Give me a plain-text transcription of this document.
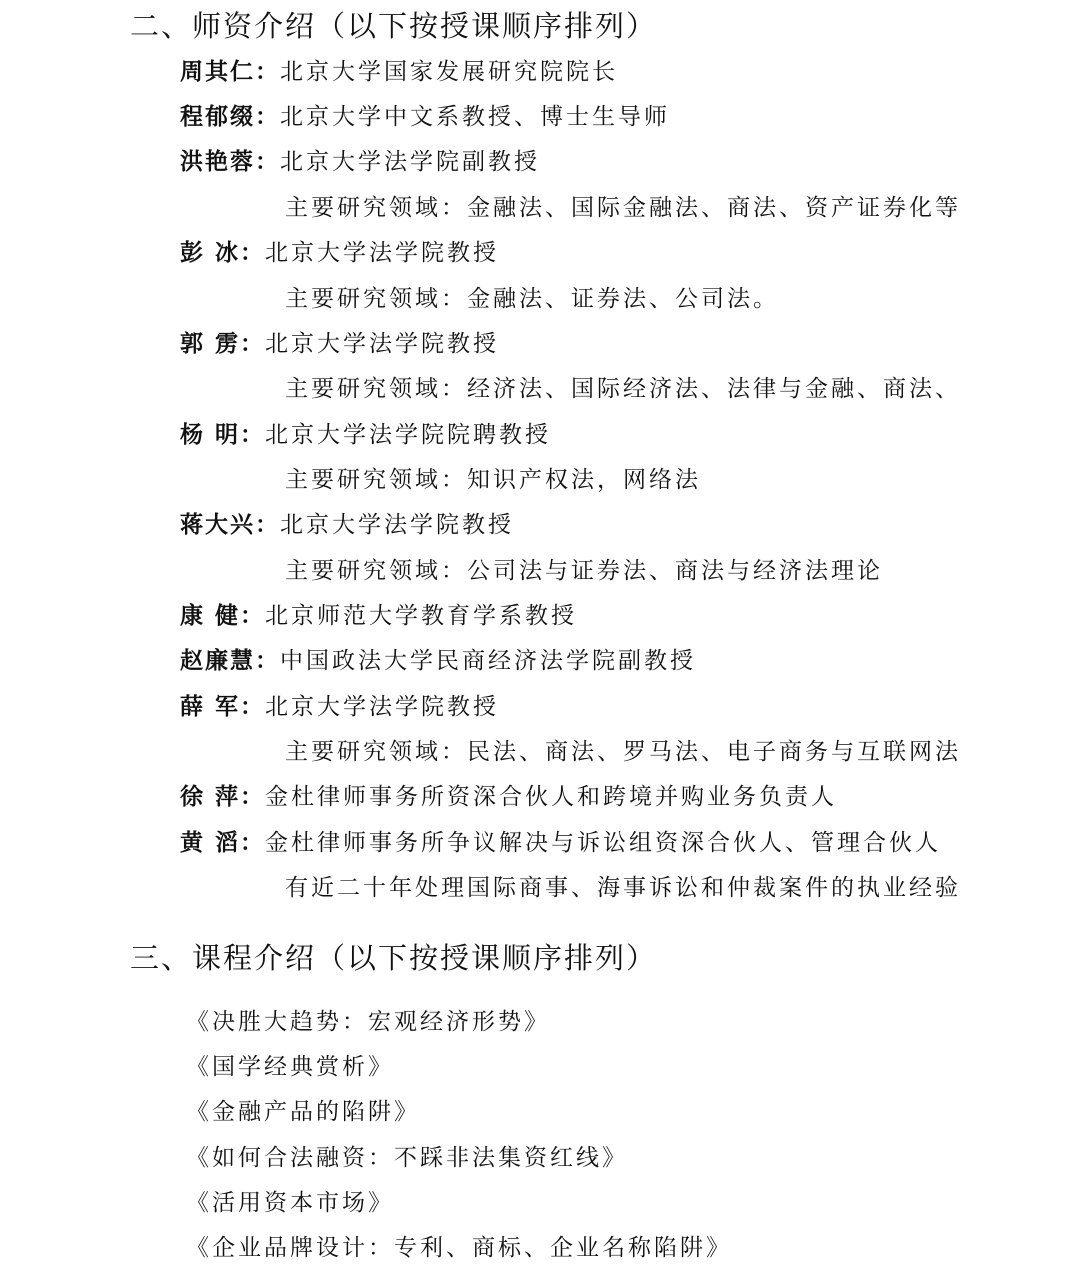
二、师资介绍（以下按授课顺序排列）
周其仁：北京大学国家发展研究院院长
程郁缀：北京大学中文系教授、博士生导师
洪艳蓉：北京大学法学院副教授
主要研究领域：金融法、国际金融法、商法、资产证券化等
彭 冰：北京大学法学院教授
主要研究领域：金融法、证券法、公司法。
郭 雳：北京大学法学院教授
主要研究领域：经济法、国际经济法、法律与金融、商法、
杨 明：北京大学法学院院聘教授
主要研究领域：知识产权法，网络法
蒋大兴：北京大学法学院教授
主要研究领域：公司法与证券法、商法与经济法理论
康 健：北京师范大学教育学系教授
赵廉慧：中国政法大学民商经济法学院副教授
薛 军：北京大学法学院教授
主要研究领域：民法、商法、罗马法、电子商务与互联网法
徐 萍：金杜律师事务所资深合伙人和跨境并购业务负责人
黄 滔：金杜律师事务所争议解决与诉讼组资深合伙人、管理合伙人
有近二十年处理国际商事、海事诉讼和仲裁案件的执业经验
三、课程介绍（以下按授课顺序排列）
《决胜大趋势：宏观经济形势》
《国学经典赏析》
《金融产品的陷阱》
《如何合法融资：不踩非法集资红线》
《活用资本市场》
《企业品牌设计：专利、商标、企业名称陷阱》
